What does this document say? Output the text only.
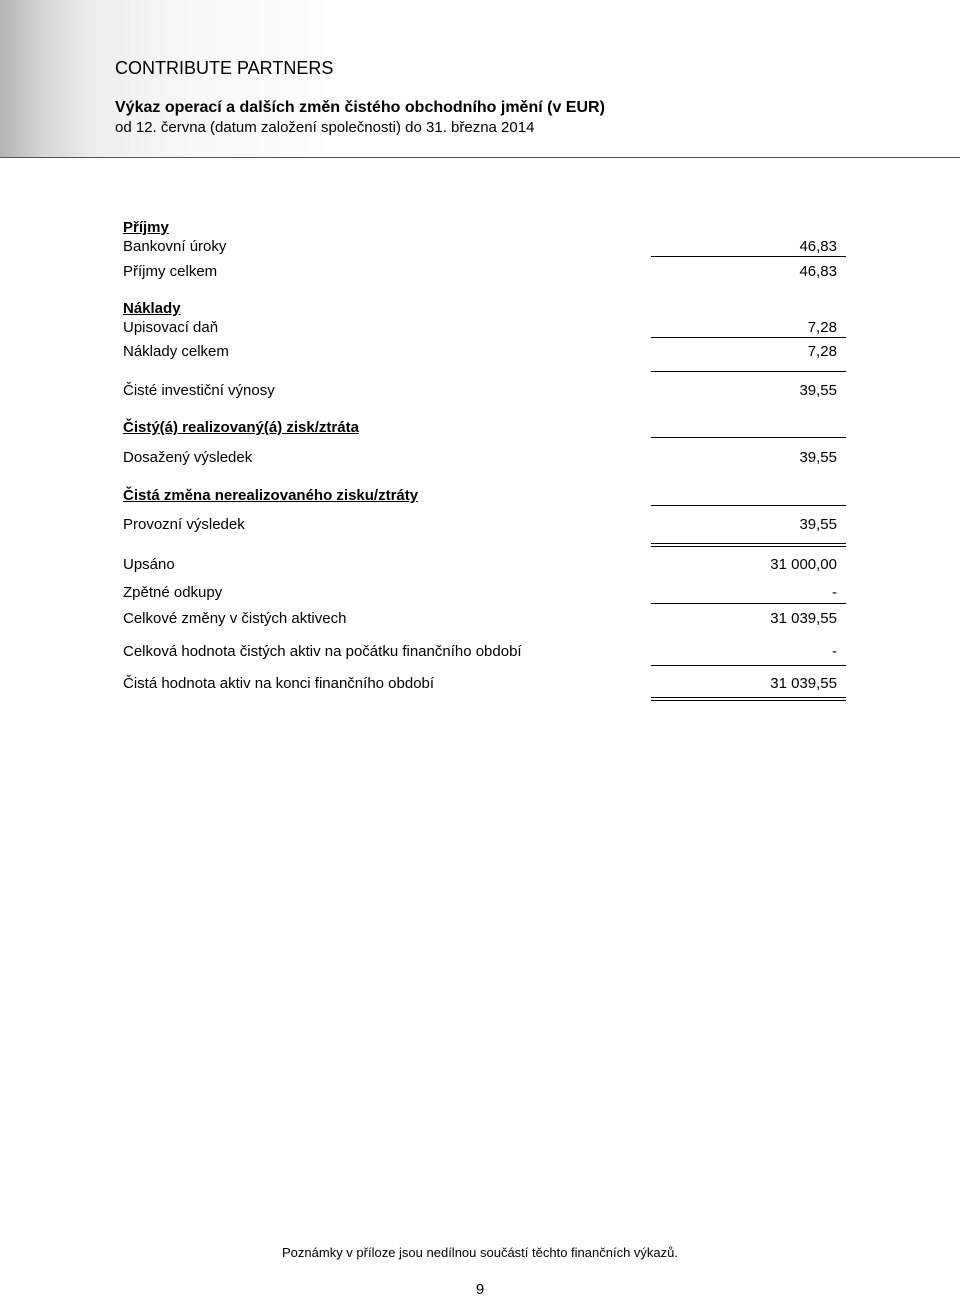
CONTRIBUTE PARTNERS
Výkaz operací a dalších změn čistého obchodního jmění (v EUR)
od 12. června (datum založení společnosti) do 31. března 2014
Příjmy
Bankovní úroky	46,83
Příjmy celkem	46,83
Náklady
Upisovací daň	7,28
Náklady celkem	7,28
Čisté investiční výnosy	39,55
Čistý(á) realizovaný(á) zisk/ztráta
Dosažený výsledek	39,55
Čistá změna nerealizovaného zisku/ztráty
Provozní výsledek	39,55
Upsáno	31 000,00
Zpětné odkupy	-
Celkové změny v čistých aktivech	31 039,55
Celková hodnota čistých aktiv na počátku finančního období	-
Čistá hodnota aktiv na konci finančního období	31 039,55
Poznámky v příloze jsou nedílnou součástí těchto finančních výkazů.
9
